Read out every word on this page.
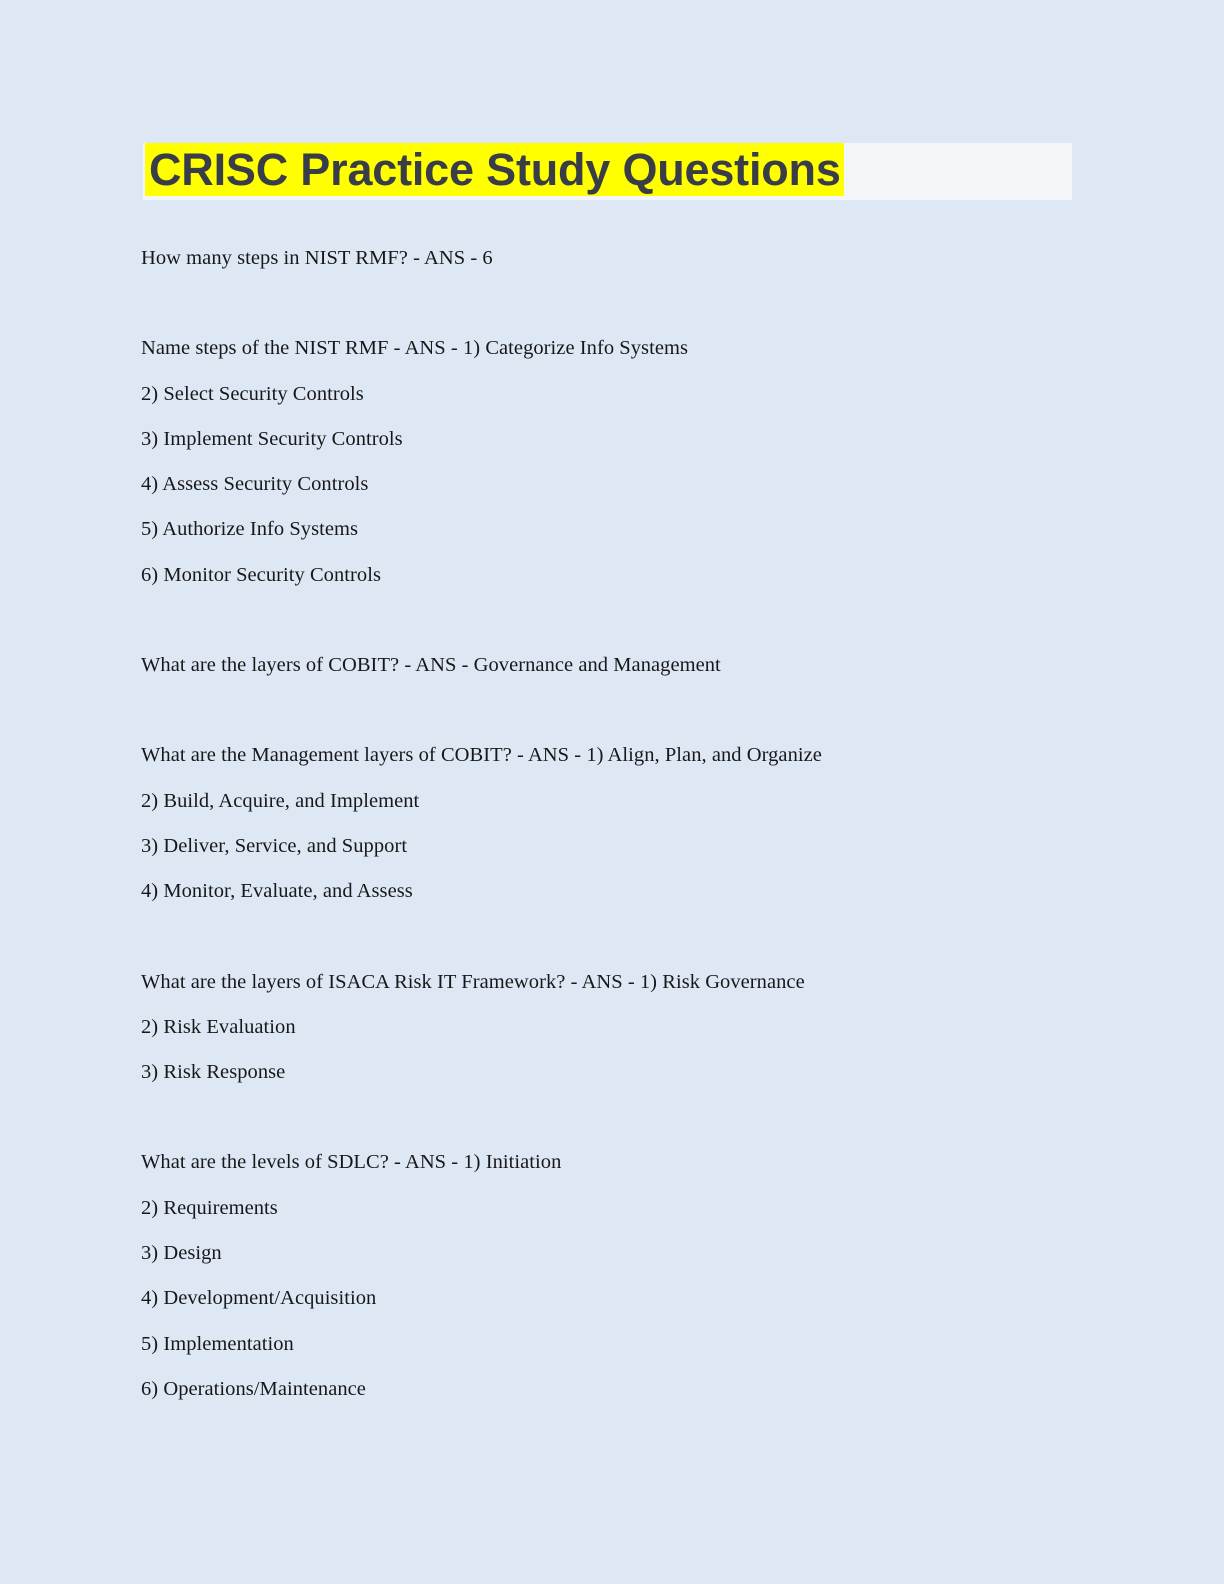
CRISC Practice Study Questions
How many steps in NIST RMF? - ANS - 6
Name steps of the NIST RMF - ANS - 1) Categorize Info Systems
2) Select Security Controls
3) Implement Security Controls
4) Assess Security Controls
5) Authorize Info Systems
6) Monitor Security Controls
What are the layers of COBIT? - ANS - Governance and Management
What are the Management layers of COBIT? - ANS - 1) Align, Plan, and Organize
2) Build, Acquire, and Implement
3) Deliver, Service, and Support
4) Monitor, Evaluate, and Assess
What are the layers of ISACA Risk IT Framework? - ANS - 1) Risk Governance
2) Risk Evaluation
3) Risk Response
What are the levels of SDLC? - ANS - 1) Initiation
2) Requirements
3) Design
4) Development/Acquisition
5) Implementation
6) Operations/Maintenance
